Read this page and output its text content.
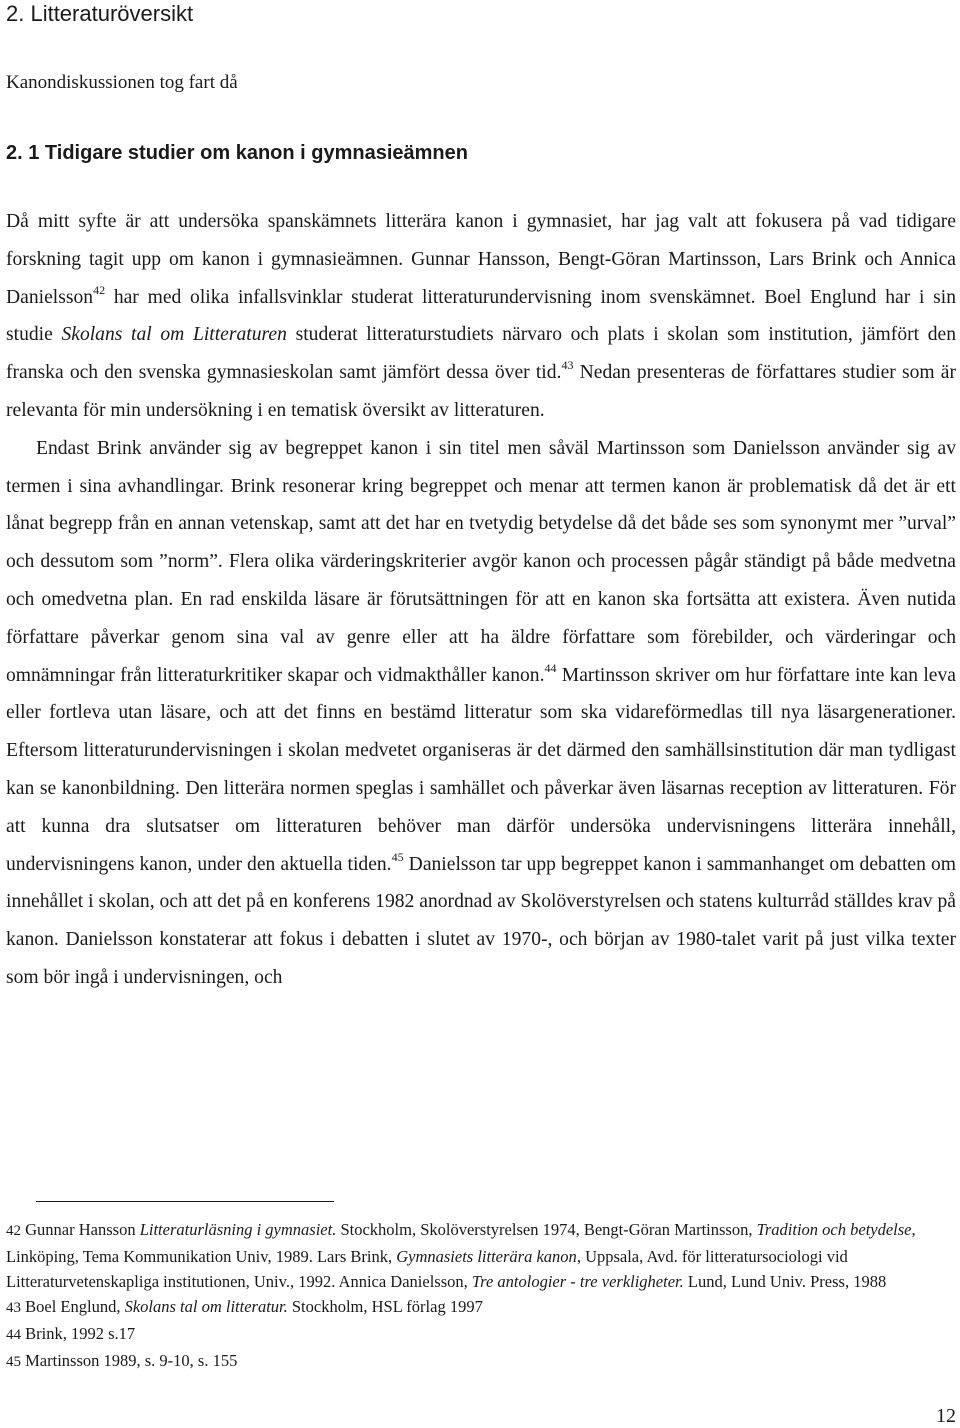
2. Litteraturöversikt

Kanondiskussionen tog fart då

2. 1 Tidigare studier om kanon i gymnasieämnen

Då mitt syfte är att undersöka spanskämnets litterära kanon i gymnasiet, har jag valt att fokusera på vad tidigare forskning tagit upp om kanon i gymnasieämnen. Gunnar Hansson, Bengt-Göran Martinsson, Lars Brink och Annica Danielsson$^{42}$ har med olika infallsvinklar studerat litteraturundervisning inom svenskämnet. Boel Englund har i sin studie Skolans tal om Litteraturen studerat litteraturstudiets närvaro och plats i skolan som institution, jämfört den franska och den svenska gymnasieskolan samt jämfört dessa över tid.$^{43}$ Nedan presenteras de författares studier som är relevanta för min undersökning i en tematisk översikt av litteraturen.

Endast Brink använder sig av begreppet kanon i sin titel men såväl Martinsson som Danielsson använder sig av termen i sina avhandlingar. Brink resonerar kring begreppet och menar att termen kanon är problematisk då det är ett lånat begrepp från en annan vetenskap, samt att det har en tvetydig betydelse då det både ses som synonymt mer ”urval” och dessutom som ”norm”. Flera olika värderingskriterier avgör kanon och processen pågår ständigt på både medvetna och omedvetna plan. En rad enskilda läsare är förutsättningen för att en kanon ska fortsätta att existera. Även nutida författare påverkar genom sina val av genre eller att ha äldre författare som förebilder, och värderingar och omnämningar från litteraturkritiker skapar och vidmakthåller kanon.$^{44}$ Martinsson skriver om hur författare inte kan leva eller fortleva utan läsare, och att det finns en bestämd litteratur som ska vidareförmedlas till nya läsargenerationer. Eftersom litteraturundervisningen i skolan medvetet organiseras är det därmed den samhällsinstitution där man tydligast kan se kanonbildning. Den litterära normen speglas i samhället och påverkar även läsarnas reception av litteraturen. För att kunna dra slutsatser om litteraturen behöver man därför undersöka undervisningens litterära innehåll, undervisningens kanon, under den aktuella tiden.$^{45}$ Danielsson tar upp begreppet kanon i sammanhanget om debatten om innehållet i skolan, och att det på en konferens 1982 anordnad av Skolöverstyrelsen och statens kulturråd ställdes krav på kanon. Danielsson konstaterar att fokus i debatten i slutet av 1970-, och början av 1980-talet varit på just vilka texter som bör ingå i undervisningen, och

42 Gunnar Hansson Litteraturläsning i gymnasiet. Stockholm, Skolöverstyrelsen 1974, Bengt-Göran Martinsson, Tradition och betydelse, Linköping, Tema Kommunikation Univ, 1989. Lars Brink, Gymnasiets litterära kanon, Uppsala, Avd. för litteratursociologi vid Litteraturvetenskapliga institutionen, Univ., 1992. Annica Danielsson, Tre antologier - tre verkligheter. Lund, Lund Univ. Press, 1988

43 Boel Englund, Skolans tal om litteratur. Stockholm, HSL förlag 1997

44 Brink, 1992 s.17

45 Martinsson 1989, s. 9-10, s. 155

12
